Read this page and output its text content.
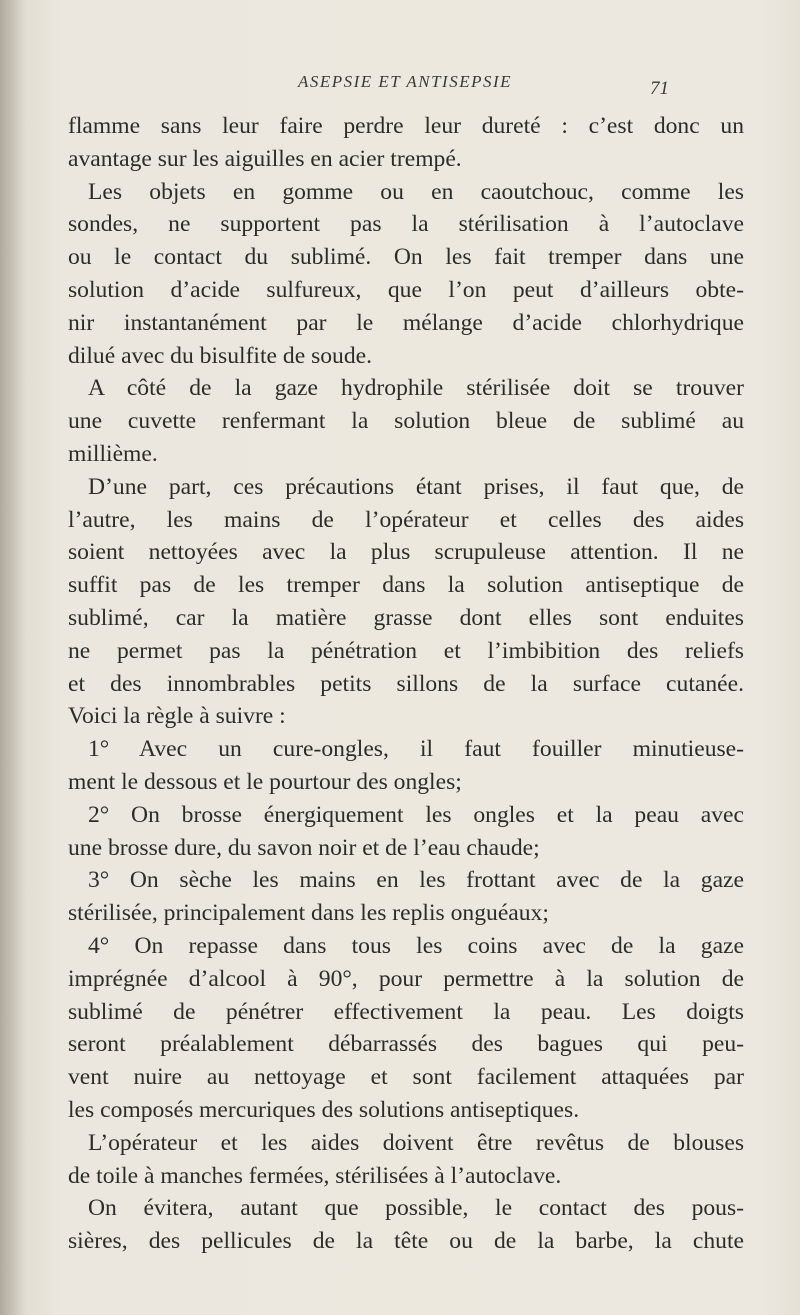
ASEPSIE ET ANTISEPSIE	71
flamme sans leur faire perdre leur dureté : c’est donc un
avantage sur les aiguilles en acier trempé.
Les objets en gomme ou en caoutchouc, comme les
sondes, ne supportent pas la stérilisation à l’autoclave
ou le contact du sublimé. On les fait tremper dans une
solution d’acide sulfureux, que l’on peut d’ailleurs obte-
nir instantanément par le mélange d’acide chlorhydrique
dilué avec du bisulfite de soude.
A côté de la gaze hydrophile stérilisée doit se trouver
une cuvette renfermant la solution bleue de sublimé au
millième.
D’une part, ces précautions étant prises, il faut que, de
l’autre, les mains de l’opérateur et celles des aides
soient nettoyées avec la plus scrupuleuse attention. Il ne
suffit pas de les tremper dans la solution antiseptique de
sublimé, car la matière grasse dont elles sont enduites
ne permet pas la pénétration et l’imbibition des reliefs
et des innombrables petits sillons de la surface cutanée.
Voici la règle à suivre :
1° Avec un cure-ongles, il faut fouiller minutieuse-
ment le dessous et le pourtour des ongles;
2° On brosse énergiquement les ongles et la peau avec
une brosse dure, du savon noir et de l’eau chaude;
3° On sèche les mains en les frottant avec de la gaze
stérilisée, principalement dans les replis onguéaux;
4° On repasse dans tous les coins avec de la gaze
imprégnée d’alcool à 90°, pour permettre à la solution de
sublimé de pénétrer effectivement la peau. Les doigts
seront préalablement débarrassés des bagues qui peu-
vent nuire au nettoyage et sont facilement attaquées par
les composés mercuriques des solutions antiseptiques.
L’opérateur et les aides doivent être revêtus de blouses
de toile à manches fermées, stérilisées à l’autoclave.
On évitera, autant que possible, le contact des pous-
sières, des pellicules de la tête ou de la barbe, la chute
